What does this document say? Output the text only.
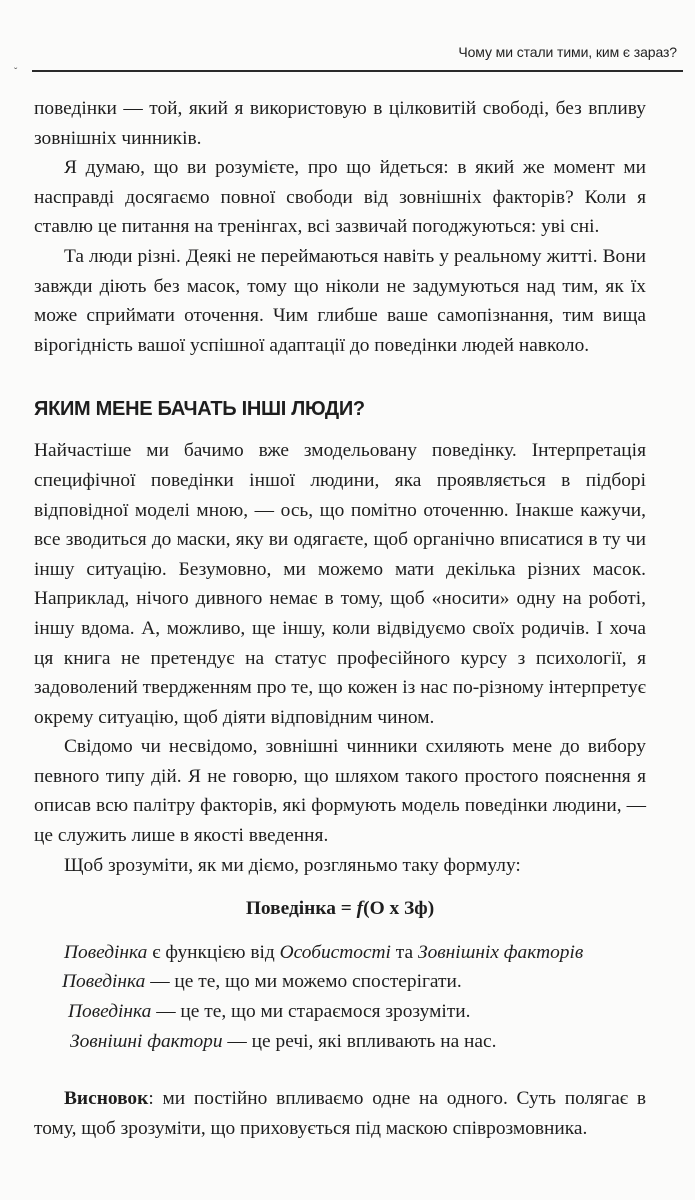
Чому ми стали тими, ким є зараз?
ˇ

поведінки — той, який я використовую в цілковитій свободі, без впливу зовнішніх чинників.

Я думаю, що ви розумієте, про що йдеться: в який же момент ми насправді досягаємо повної свободи від зовнішніх факторів? Коли я ставлю це питання на тренінгах, всі зазвичай погоджуються: уві сні.

Та люди різні. Деякі не переймаються навіть у реальному житті. Вони завжди діють без масок, тому що ніколи не задумуються над тим, як їх може сприймати оточення. Чим глибше ваше самопізнання, тим вища вірогідність вашої успішної адаптації до поведінки людей навколо.

ЯКИМ МЕНЕ БАЧАТЬ ІНШІ ЛЮДИ?

Найчастіше ми бачимо вже змодельовану поведінку. Інтерпретація специфічної поведінки іншої людини, яка проявляється в підборі відповідної моделі мною, — ось, що помітно оточенню. Інакше кажучи, все зводиться до маски, яку ви одягаєте, щоб органічно вписатися в ту чи іншу ситуацію. Безумовно, ми можемо мати декілька різних масок. Наприклад, нічого дивного немає в тому, щоб «носити» одну на роботі, іншу вдома. А, можливо, ще іншу, коли відвідуємо своїх родичів. І хоча ця книга не претендує на статус професійного курсу з психології, я задоволений твердженням про те, що кожен із нас по-різному інтерпретує окрему ситуацію, щоб діяти відповідним чином.

Свідомо чи несвідомо, зовнішні чинники схиляють мене до вибору певного типу дій. Я не говорю, що шляхом такого простого пояснення я описав всю палітру факторів, які формують модель поведінки людини, — це служить лише в якості введення.

Щоб зрозуміти, як ми діємо, розгляньмо таку формулу:

Поведінка = f(О х Зф)

Поведінка є функцією від Особистості та Зовнішніх факторів

Поведінка — це те, що ми можемо спостерігати.

Поведінка — це те, що ми стараємося зрозуміти.

Зовнішні фактори — це речі, які впливають на нас.

Висновок: ми постійно впливаємо одне на одного. Суть полягає в тому, щоб зрозуміти, що приховується під маскою співрозмовника.
